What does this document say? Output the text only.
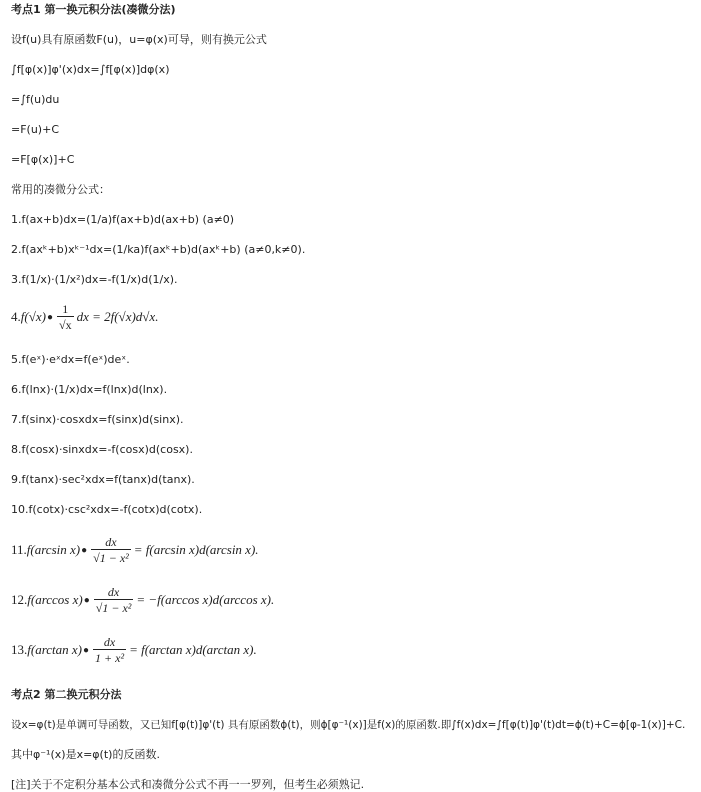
考点1 第一换元积分法(凑微分法)
设f(u)具有原函数F(u)，u=φ(x)可导，则有换元公式
∫f[φ(x)]φ'(x)dx=∫f[φ(x)]dφ(x)
=∫f(u)du
=F(u)+C
=F[φ(x)]+C
常用的凑微分公式：
1.f(ax+b)dx=(1/a)f(ax+b)d(ax+b) (a≠0)
2.f(axᵏ+b)xᵏ⁻¹dx=(1/ka)f(axᵏ+b)d(axᵏ+b) (a≠0,k≠0).
3.f(1/x)·(1/x²)dx=-f(1/x)d(1/x).
4. f(√x) ● $\frac{1}{√x}$ dx = 2f(√x)d√x.
5.f(eˣ)·eˣdx=f(eˣ)deˣ.
6.f(lnx)·(1/x)dx=f(lnx)d(lnx).
7.f(sinx)·cosxdx=f(sinx)d(sinx).
8.f(cosx)·sinxdx=-f(cosx)d(cosx).
9.f(tanx)·sec²xdx=f(tanx)d(tanx).
10.f(cotx)·csc²xdx=-f(cotx)d(cotx).
11. f(arcsin x) ● $\frac{dx}{\text{√1 − x²}} = f(\arcsin$ x)d(arcsin x).
12. f(arccos x) ● $\frac{dx}{\text{√1 − x²}} = -f(\arccos$ x)d(arccos x).
13. f(arctan x) ● $\frac{dx}{\text{1 + x²}} = f(\arctan$ x)d(arctan x).
考点2 第二换元积分法
设x=φ(t)是单调可导函数，又已知f[φ(t)]φ'(t) 具有原函数ϕ(t)，则ϕ[φ⁻¹(x)]是f(x)的原函数.即∫f(x)dx=∫f[φ(t)]φ'(t)dt=ϕ(t)+C=ϕ[φ-1(x)]+C.
其中φ⁻¹(x)是x=φ(t)的反函数.
[注]关于不定积分基本公式和凑微分公式不再一一罗列，但考生必须熟记.
